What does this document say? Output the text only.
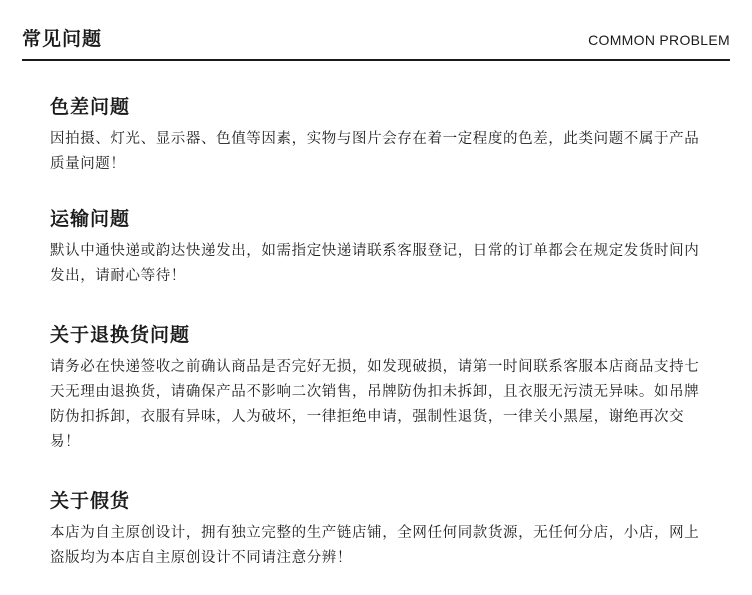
常见问题	COMMON PROBLEM
色差问题

因拍摄、灯光、显示器、色值等因素，实物与图片会存在着一定程度的色差，此类问题不属于产品质量问题！

运输问题

默认中通快递或韵达快递发出，如需指定快递请联系客服登记，日常的订单都会在规定发货时间内发出，请耐心等待！

关于退换货问题

请务必在快递签收之前确认商品是否完好无损，如发现破损，请第一时间联系客服本店商品支持七天无理由退换货，请确保产品不影响二次销售，吊牌防伪扣未拆卸，且衣服无污渍无异味。如吊牌防伪扣拆卸，衣服有异味，人为破坏，一律拒绝申请，强制性退货，一律关小黑屋，谢绝再次交易！

关于假货

本店为自主原创设计，拥有独立完整的生产链店铺，全网任何同款货源，无任何分店，小店，网上盗版均为本店自主原创设计不同请注意分辨！
